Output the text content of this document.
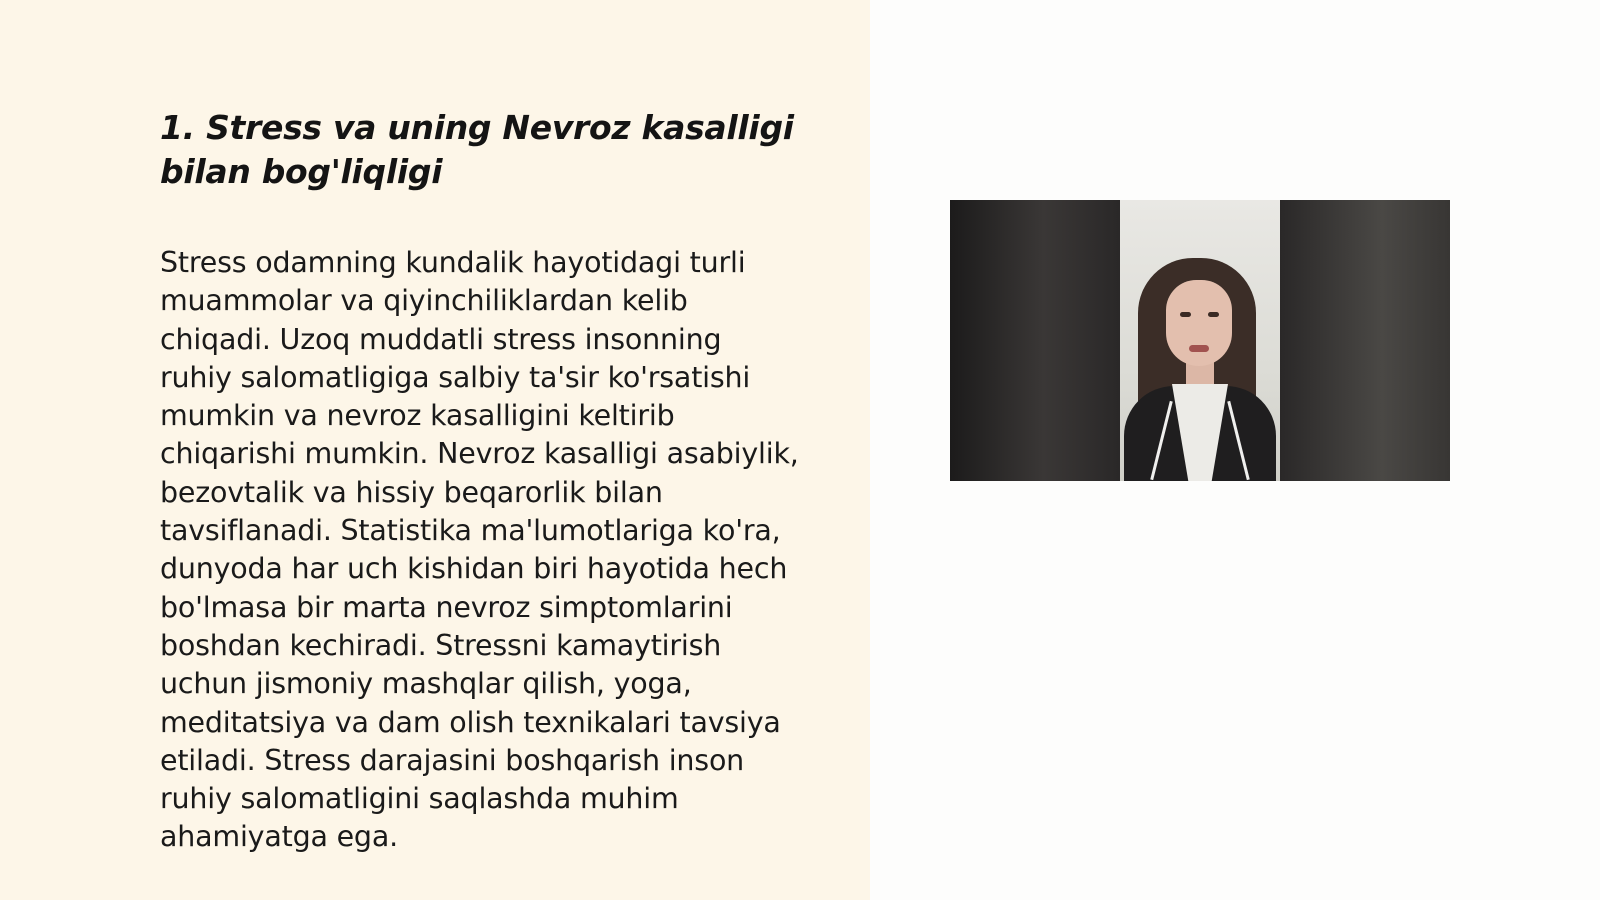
1. Stress va uning Nevroz kasalligi
bilan bog'liqligi

Stress odamning kundalik hayotidagi turli
muammolar va qiyinchiliklardan kelib
chiqadi. Uzoq muddatli stress insonning
ruhiy salomatligiga salbiy ta'sir ko'rsatishi
mumkin va nevroz kasalligini keltirib
chiqarishi mumkin. Nevroz kasalligi asabiylik,
bezovtalik va hissiy beqarorlik bilan
tavsiflanadi. Statistika ma'lumotlariga ko'ra,
dunyoda har uch kishidan biri hayotida hech
bo'lmasa bir marta nevroz simptomlarini
boshdan kechiradi. Stressni kamaytirish
uchun jismoniy mashqlar qilish, yoga,
meditatsiya va dam olish texnikalari tavsiya
etiladi. Stress darajasini boshqarish inson
ruhiy salomatligini saqlashda muhim
ahamiyatga ega.
